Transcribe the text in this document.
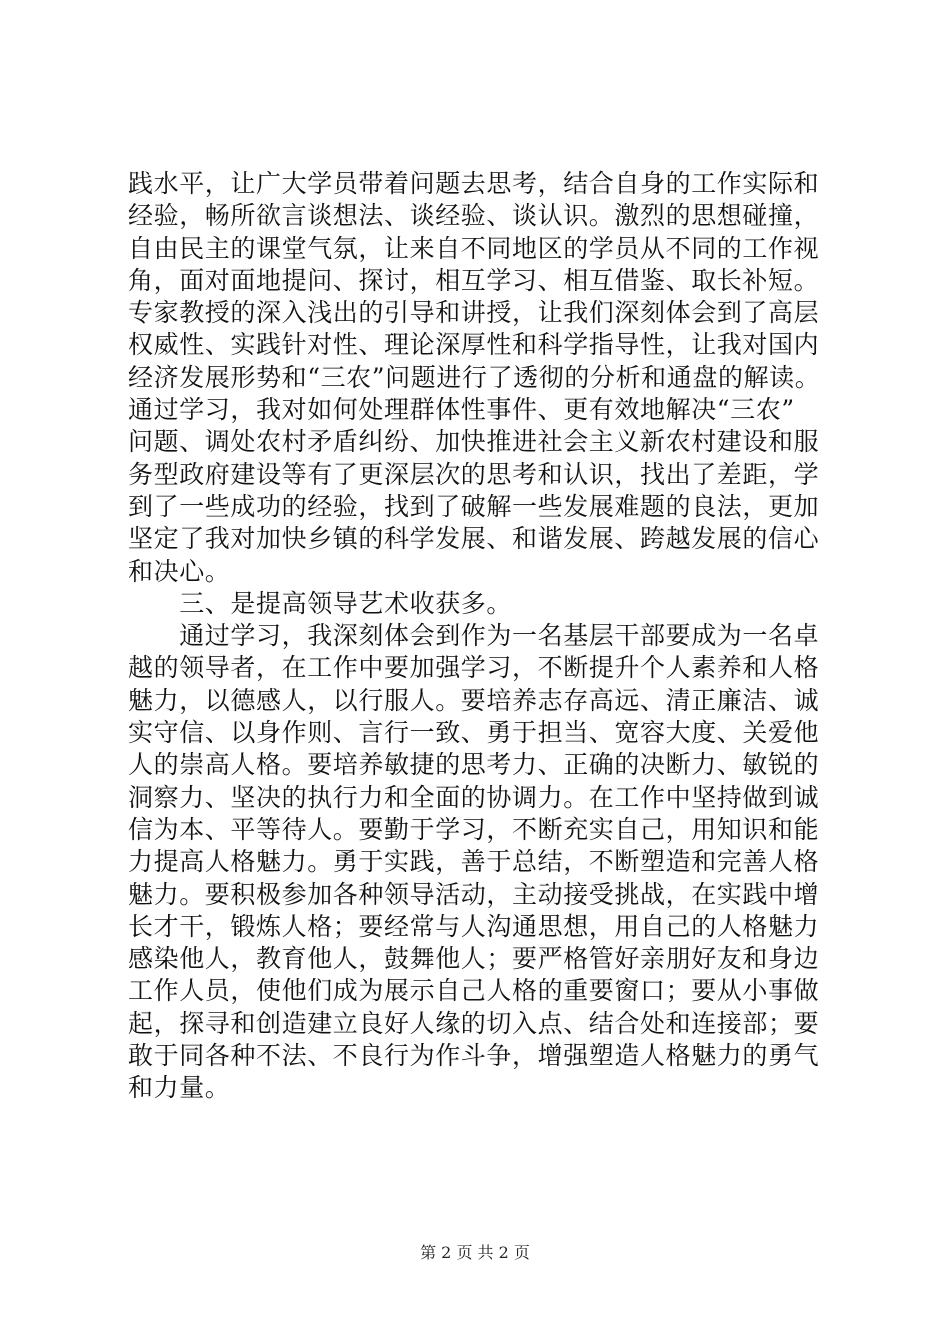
践水平，让广大学员带着问题去思考，结合自身的工作实际和
经验，畅所欲言谈想法、谈经验、谈认识。激烈的思想碰撞，
自由民主的课堂气氛，让来自不同地区的学员从不同的工作视
角，面对面地提问、探讨，相互学习、相互借鉴、取长补短。
专家教授的深入浅出的引导和讲授，让我们深刻体会到了高层
权威性、实践针对性、理论深厚性和科学指导性，让我对国内
经济发展形势和“三农”问题进行了透彻的分析和通盘的解读。
通过学习，我对如何处理群体性事件、更有效地解决“三农”
问题、调处农村矛盾纠纷、加快推进社会主义新农村建设和服
务型政府建设等有了更深层次的思考和认识，找出了差距，学
到了一些成功的经验，找到了破解一些发展难题的良法，更加
坚定了我对加快乡镇的科学发展、和谐发展、跨越发展的信心
和决心。
　　三、是提高领导艺术收获多。
　　通过学习，我深刻体会到作为一名基层干部要成为一名卓
越的领导者，在工作中要加强学习，不断提升个人素养和人格
魅力，以德感人，以行服人。要培养志存高远、清正廉洁、诚
实守信、以身作则、言行一致、勇于担当、宽容大度、关爱他
人的崇高人格。要培养敏捷的思考力、正确的决断力、敏锐的
洞察力、坚决的执行力和全面的协调力。在工作中坚持做到诚
信为本、平等待人。要勤于学习，不断充实自己，用知识和能
力提高人格魅力。勇于实践，善于总结，不断塑造和完善人格
魅力。要积极参加各种领导活动，主动接受挑战，在实践中增
长才干，锻炼人格；要经常与人沟通思想，用自己的人格魅力
感染他人，教育他人，鼓舞他人；要严格管好亲朋好友和身边
工作人员，使他们成为展示自己人格的重要窗口；要从小事做
起，探寻和创造建立良好人缘的切入点、结合处和连接部；要
敢于同各种不法、不良行为作斗争，增强塑造人格魅力的勇气
和力量。
第 2 页 共 2 页
